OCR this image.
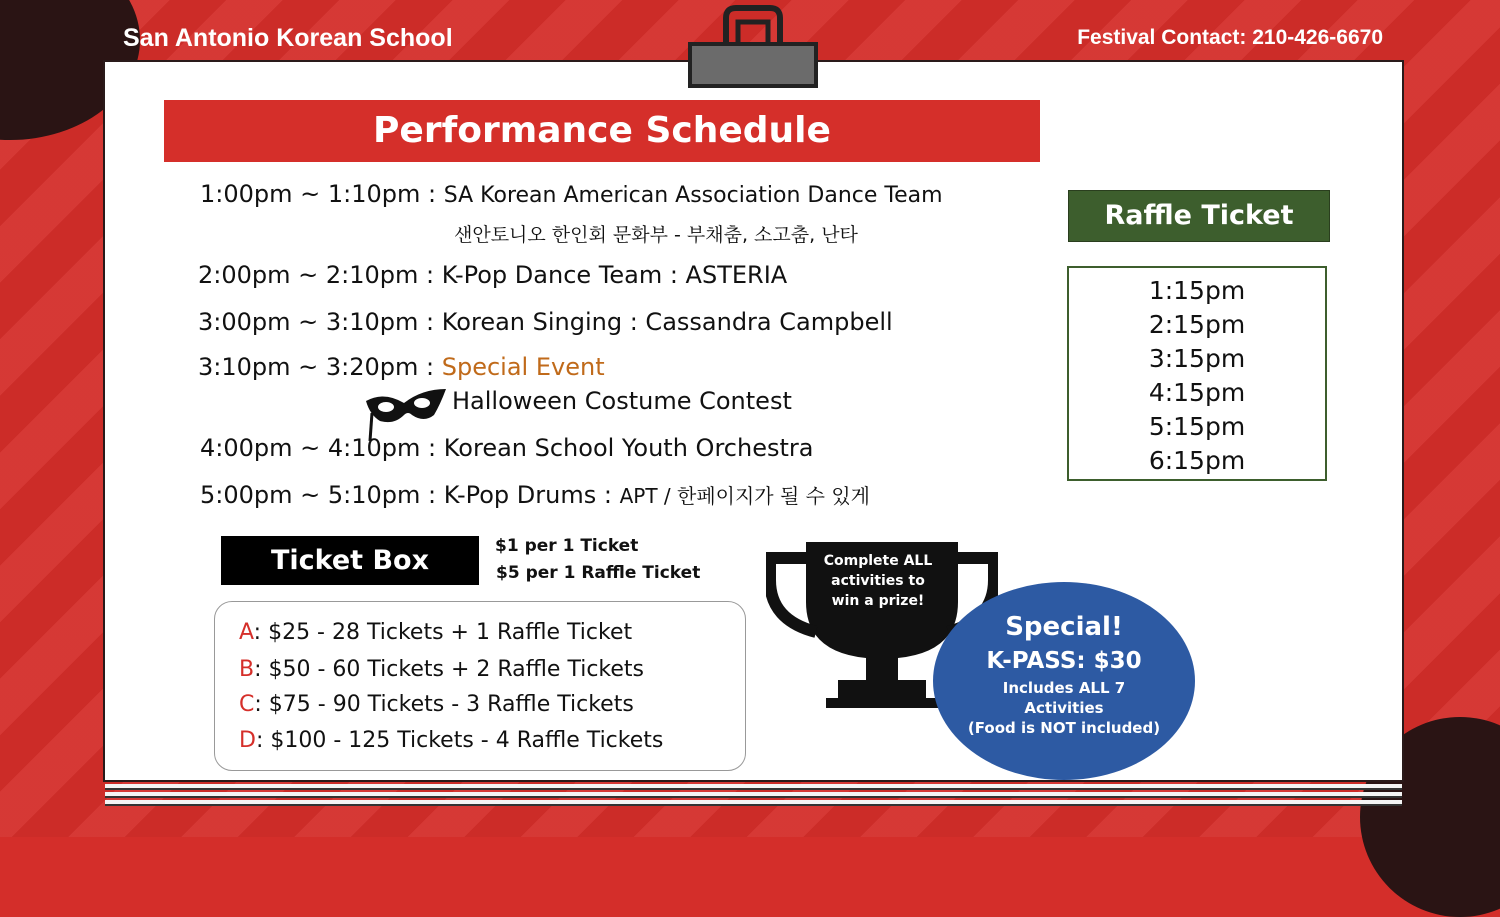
San Antonio Korean School	Festival Contact: 210-426-6670
Performance Schedule
1:00pm ~ 1:10pm : SA Korean American Association Dance Team
샌안토니오 한인회 문화부 - 부채춤, 소고춤, 난타
2:00pm ~ 2:10pm : K-Pop Dance Team : ASTERIA
3:00pm ~ 3:10pm : Korean Singing : Cassandra Campbell
3:10pm ~ 3:20pm : Special Event
Halloween Costume Contest
4:00pm ~ 4:10pm : Korean School Youth Orchestra
5:00pm ~ 5:10pm : K-Pop Drums : APT / 한페이지가 될 수 있게
Raffle Ticket
1:15pm
2:15pm
3:15pm
4:15pm
5:15pm
6:15pm
Ticket Box	$1 per 1 Ticket
$5 per 1 Raffle Ticket
A: $25 - 28 Tickets + 1 Raffle Ticket
B: $50 - 60 Tickets + 2 Raffle Tickets
C: $75 - 90 Tickets - 3 Raffle Tickets
D: $100 - 125 Tickets - 4 Raffle Tickets
Complete ALL
activities to
win a prize!
Special!
K-PASS: $30
Includes ALL 7
Activities
(Food is NOT included)
